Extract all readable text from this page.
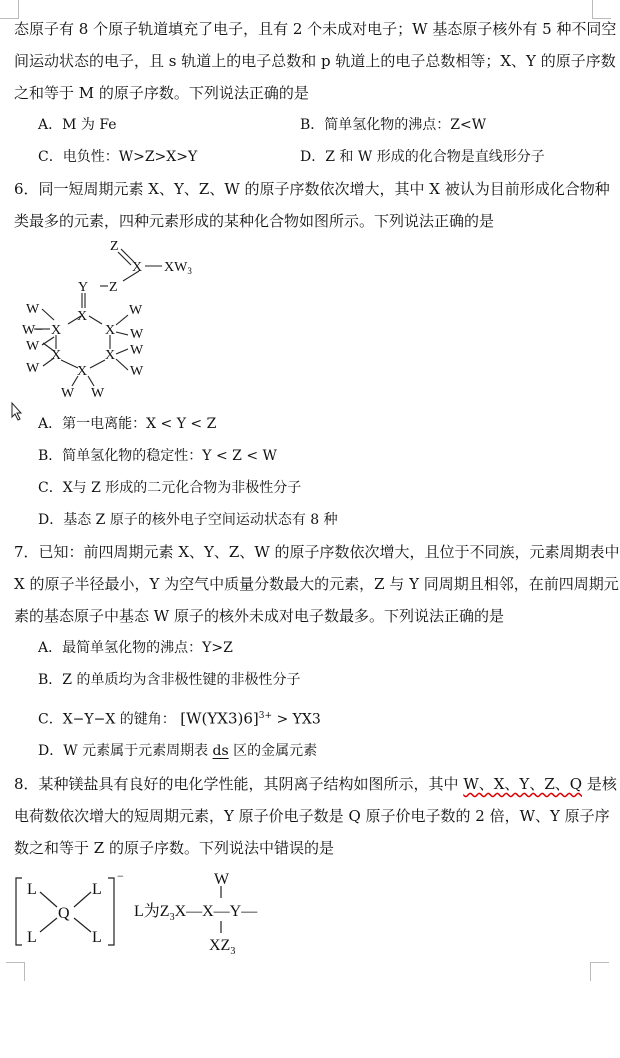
态原子有 8 个原子轨道填充了电子，且有 2 个未成对电子；W 基态原子核外有 5 种不同空
间运动状态的电子，且 s 轨道上的电子总数和 p 轨道上的电子总数相等；X、Y 的原子序数
之和等于 M 的原子序数。下列说法正确的是
A．M 为 Fe	B．简单氢化物的沸点：Z<W
C．电负性：W>Z>X>Y	D．Z 和 W 形成的化合物是直线形分子
6．同一短周期元素 X、Y、Z、W 的原子序数依次增大，其中 X 被认为目前形成化合物种
类最多的元素，四种元素形成的某种化合物如图所示。下列说法正确的是
Z
X $XW_3$
Y Z
W	X	W
W− X	X W
W
X	X W
W	W
X
W W
A．第一电离能：X < Y < Z
B．简单氢化物的稳定性：Y < Z < W
C．X与 Z 形成的二元化合物为非极性分子
D．基态 Z 原子的核外电子空间运动状态有 8 种
7．已知：前四周期元素 X、Y、Z、W 的原子序数依次增大，且位于不同族，元素周期表中
X 的原子半径最小，Y 为空气中质量分数最大的元素，Z 与 Y 同周期且相邻，在前四周期元
素的基态原子中基态 W 原子的核外未成对电子数最多。下列说法正确的是
A．最简单氢化物的沸点：Y>Z
B．Z 的单质均为含非极性键的非极性分子
C．X−Y−X 的键角： $[W(YX3)6]^{3+} > YX3$
D．W 元素属于元素周期表 ds 区的金属元素
8．某种镁盐具有良好的电化学性能，其阴离子结构如图所示，其中 W、X、Y、Z、Q 是核
电荷数依次增大的短周期元素，Y 原子价电子数是 Q 原子价电子数的 2 倍，W、Y 原子序
数之和等于 Z 的原子序数。下列说法中错误的是
L	L
Q
L	L
−	W
L为$Z_3X—X—Y—$
$XZ_3$
